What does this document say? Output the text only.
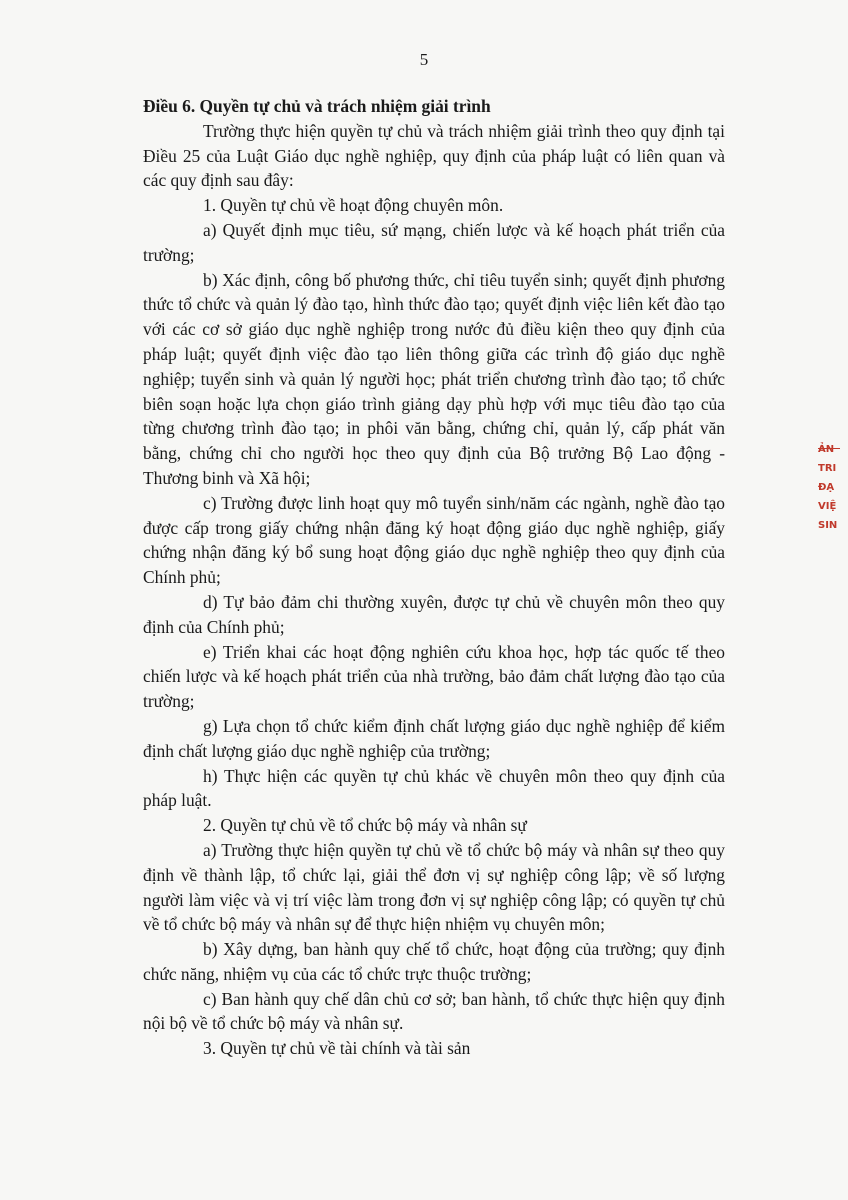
5

Điều 6. Quyền tự chủ và trách nhiệm giải trình

Trường thực hiện quyền tự chủ và trách nhiệm giải trình theo quy định tại Điều 25 của Luật Giáo dục nghề nghiệp, quy định của pháp luật có liên quan và các quy định sau đây:

1. Quyền tự chủ về hoạt động chuyên môn.

a) Quyết định mục tiêu, sứ mạng, chiến lược và kế hoạch phát triển của trường;

b) Xác định, công bố phương thức, chỉ tiêu tuyển sinh; quyết định phương thức tổ chức và quản lý đào tạo, hình thức đào tạo; quyết định việc liên kết đào tạo với các cơ sở giáo dục nghề nghiệp trong nước đủ điều kiện theo quy định của pháp luật; quyết định việc đào tạo liên thông giữa các trình độ giáo dục nghề nghiệp; tuyển sinh và quản lý người học; phát triển chương trình đào tạo; tổ chức biên soạn hoặc lựa chọn giáo trình giảng dạy phù hợp với mục tiêu đào tạo của từng chương trình đào tạo; in phôi văn bằng, chứng chỉ, quản lý, cấp phát văn bằng, chứng chỉ cho người học theo quy định của Bộ trưởng Bộ Lao động - Thương binh và Xã hội;

c) Trường được linh hoạt quy mô tuyển sinh/năm các ngành, nghề đào tạo được cấp trong giấy chứng nhận đăng ký hoạt động giáo dục nghề nghiệp, giấy chứng nhận đăng ký bổ sung hoạt động giáo dục nghề nghiệp theo quy định của Chính phủ;

d) Tự bảo đảm chi thường xuyên, được tự chủ về chuyên môn theo quy định của Chính phủ;

e) Triển khai các hoạt động nghiên cứu khoa học, hợp tác quốc tế theo chiến lược và kế hoạch phát triển của nhà trường, bảo đảm chất lượng đào tạo của trường;

g) Lựa chọn tổ chức kiểm định chất lượng giáo dục nghề nghiệp để kiểm định chất lượng giáo dục nghề nghiệp của trường;

h) Thực hiện các quyền tự chủ khác về chuyên môn theo quy định của pháp luật.

2. Quyền tự chủ về tổ chức bộ máy và nhân sự

a) Trường thực hiện quyền tự chủ về tổ chức bộ máy và nhân sự theo quy định về thành lập, tổ chức lại, giải thể đơn vị sự nghiệp công lập; về số lượng người làm việc và vị trí việc làm trong đơn vị sự nghiệp công lập; có quyền tự chủ về tổ chức bộ máy và nhân sự để thực hiện nhiệm vụ chuyên môn;

b) Xây dựng, ban hành quy chế tổ chức, hoạt động của trường; quy định chức năng, nhiệm vụ của các tổ chức trực thuộc trường;

c) Ban hành quy chế dân chủ cơ sở; ban hành, tổ chức thực hiện quy định nội bộ về tổ chức bộ máy và nhân sự.

3. Quyền tự chủ về tài chính và tài sản

ẢN
TRI
ĐẠ
VIỆ
SIN
